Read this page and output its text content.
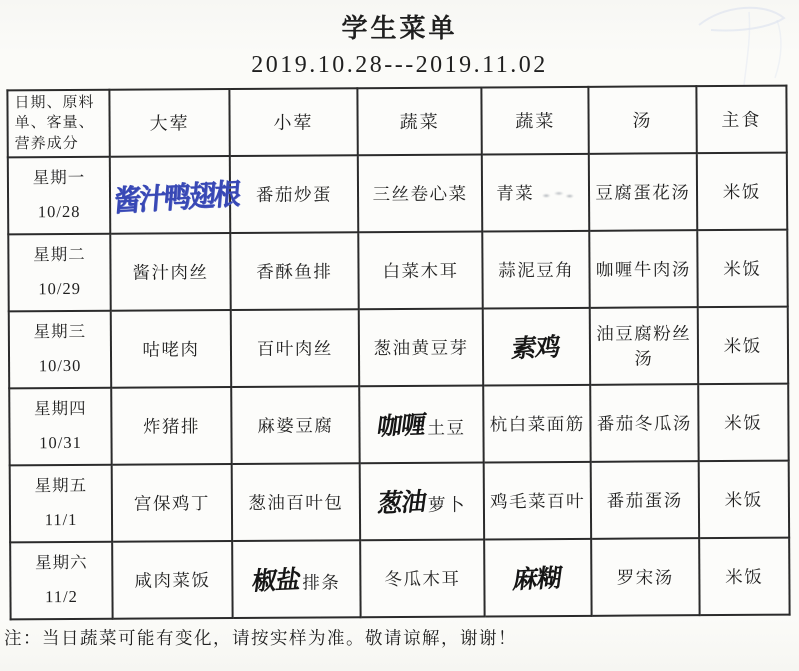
学生菜单
2019.10.28---2019.11.02
日期、原料
单、客量、
营养成分	大荤	小荤	蔬菜	蔬菜	汤	主食
星期一
10/28	酱汁鸭翅根	番茄炒蛋	三丝卷心菜	青菜	豆腐蛋花汤	米饭
星期二
10/29	酱汁肉丝	香酥鱼排	白菜木耳	蒜泥豆角	咖喱牛肉汤	米饭
星期三
10/30	咕咾肉	百叶肉丝	葱油黄豆芽	素鸡	油豆腐粉丝汤	米饭
星期四
10/31	炸猪排	麻婆豆腐	咖喱土豆	杭白菜面筋	番茄冬瓜汤	米饭
星期五
11/1	宫保鸡丁	葱油百叶包	葱油萝卜	鸡毛菜百叶	番茄蛋汤	米饭
星期六
11/2	咸肉菜饭	椒盐排条	冬瓜木耳	麻糊	罗宋汤	米饭
注：当日蔬菜可能有变化，请按实样为准。敬请谅解，谢谢！
